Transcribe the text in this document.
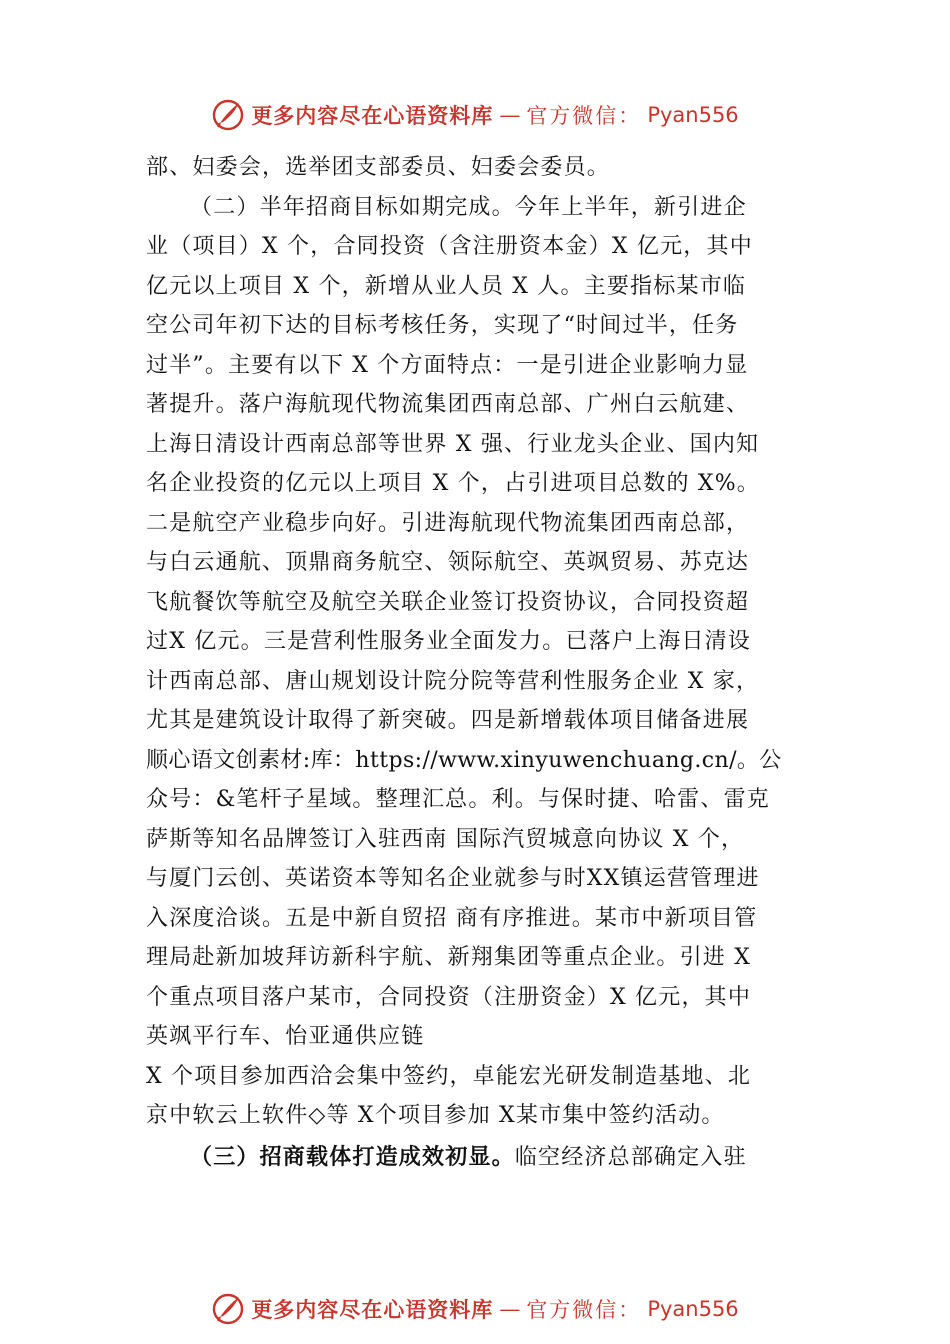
更多内容尽在心语资料库 — 官方微信： Pyan556
部、妇委会，选举团支部委员、妇委会委员。
（二）半年招商目标如期完成。今年上半年，新引进企
业（项目）X 个，合同投资（含注册资本金）X 亿元，其中
亿元以上项目 X 个，新增从业人员 X 人。主要指标某市临
空公司年初下达的目标考核任务，实现了“时间过半，任务
过半”。主要有以下 X 个方面特点：一是引进企业影响力显
著提升。落户海航现代物流集团西南总部、广州白云航建、
上海日清设计西南总部等世界 X 强、行业龙头企业、国内知
名企业投资的亿元以上项目 X 个，占引进项目总数的 X%。
二是航空产业稳步向好。引进海航现代物流集团西南总部，
与白云通航、顶鼎商务航空、领际航空、英飒贸易、苏克达
飞航餐饮等航空及航空关联企业签订投资协议，合同投资超
过X 亿元。三是营利性服务业全面发力。已落户上海日清设
计西南总部、唐山规划设计院分院等营利性服务企业 X 家，
尤其是建筑设计取得了新突破。四是新增载体项目储备进展
顺心语文创素材:库：https://www.xinyuwenchuang.cn/。公
众号：&笔杆子星域。整理汇总。利。与保时捷、哈雷、雷克
萨斯等知名品牌签订入驻西南 国际汽贸城意向协议 X 个，
与厦门云创、英诺资本等知名企业就参与时XX镇运营管理进
入深度洽谈。五是中新自贸招 商有序推进。某市中新项目管
理局赴新加坡拜访新科宇航、新翔集团等重点企业。引进 X
个重点项目落户某市，合同投资（注册资金）X 亿元，其中
英飒平行车、怡亚通供应链
X 个项目参加西洽会集中签约，卓能宏光研发制造基地、北
京中软云上软件◇等 X个项目参加 X某市集中签约活动。
（三）招商载体打造成效初显。临空经济总部确定入驻
更多内容尽在心语资料库 — 官方微信： Pyan556
